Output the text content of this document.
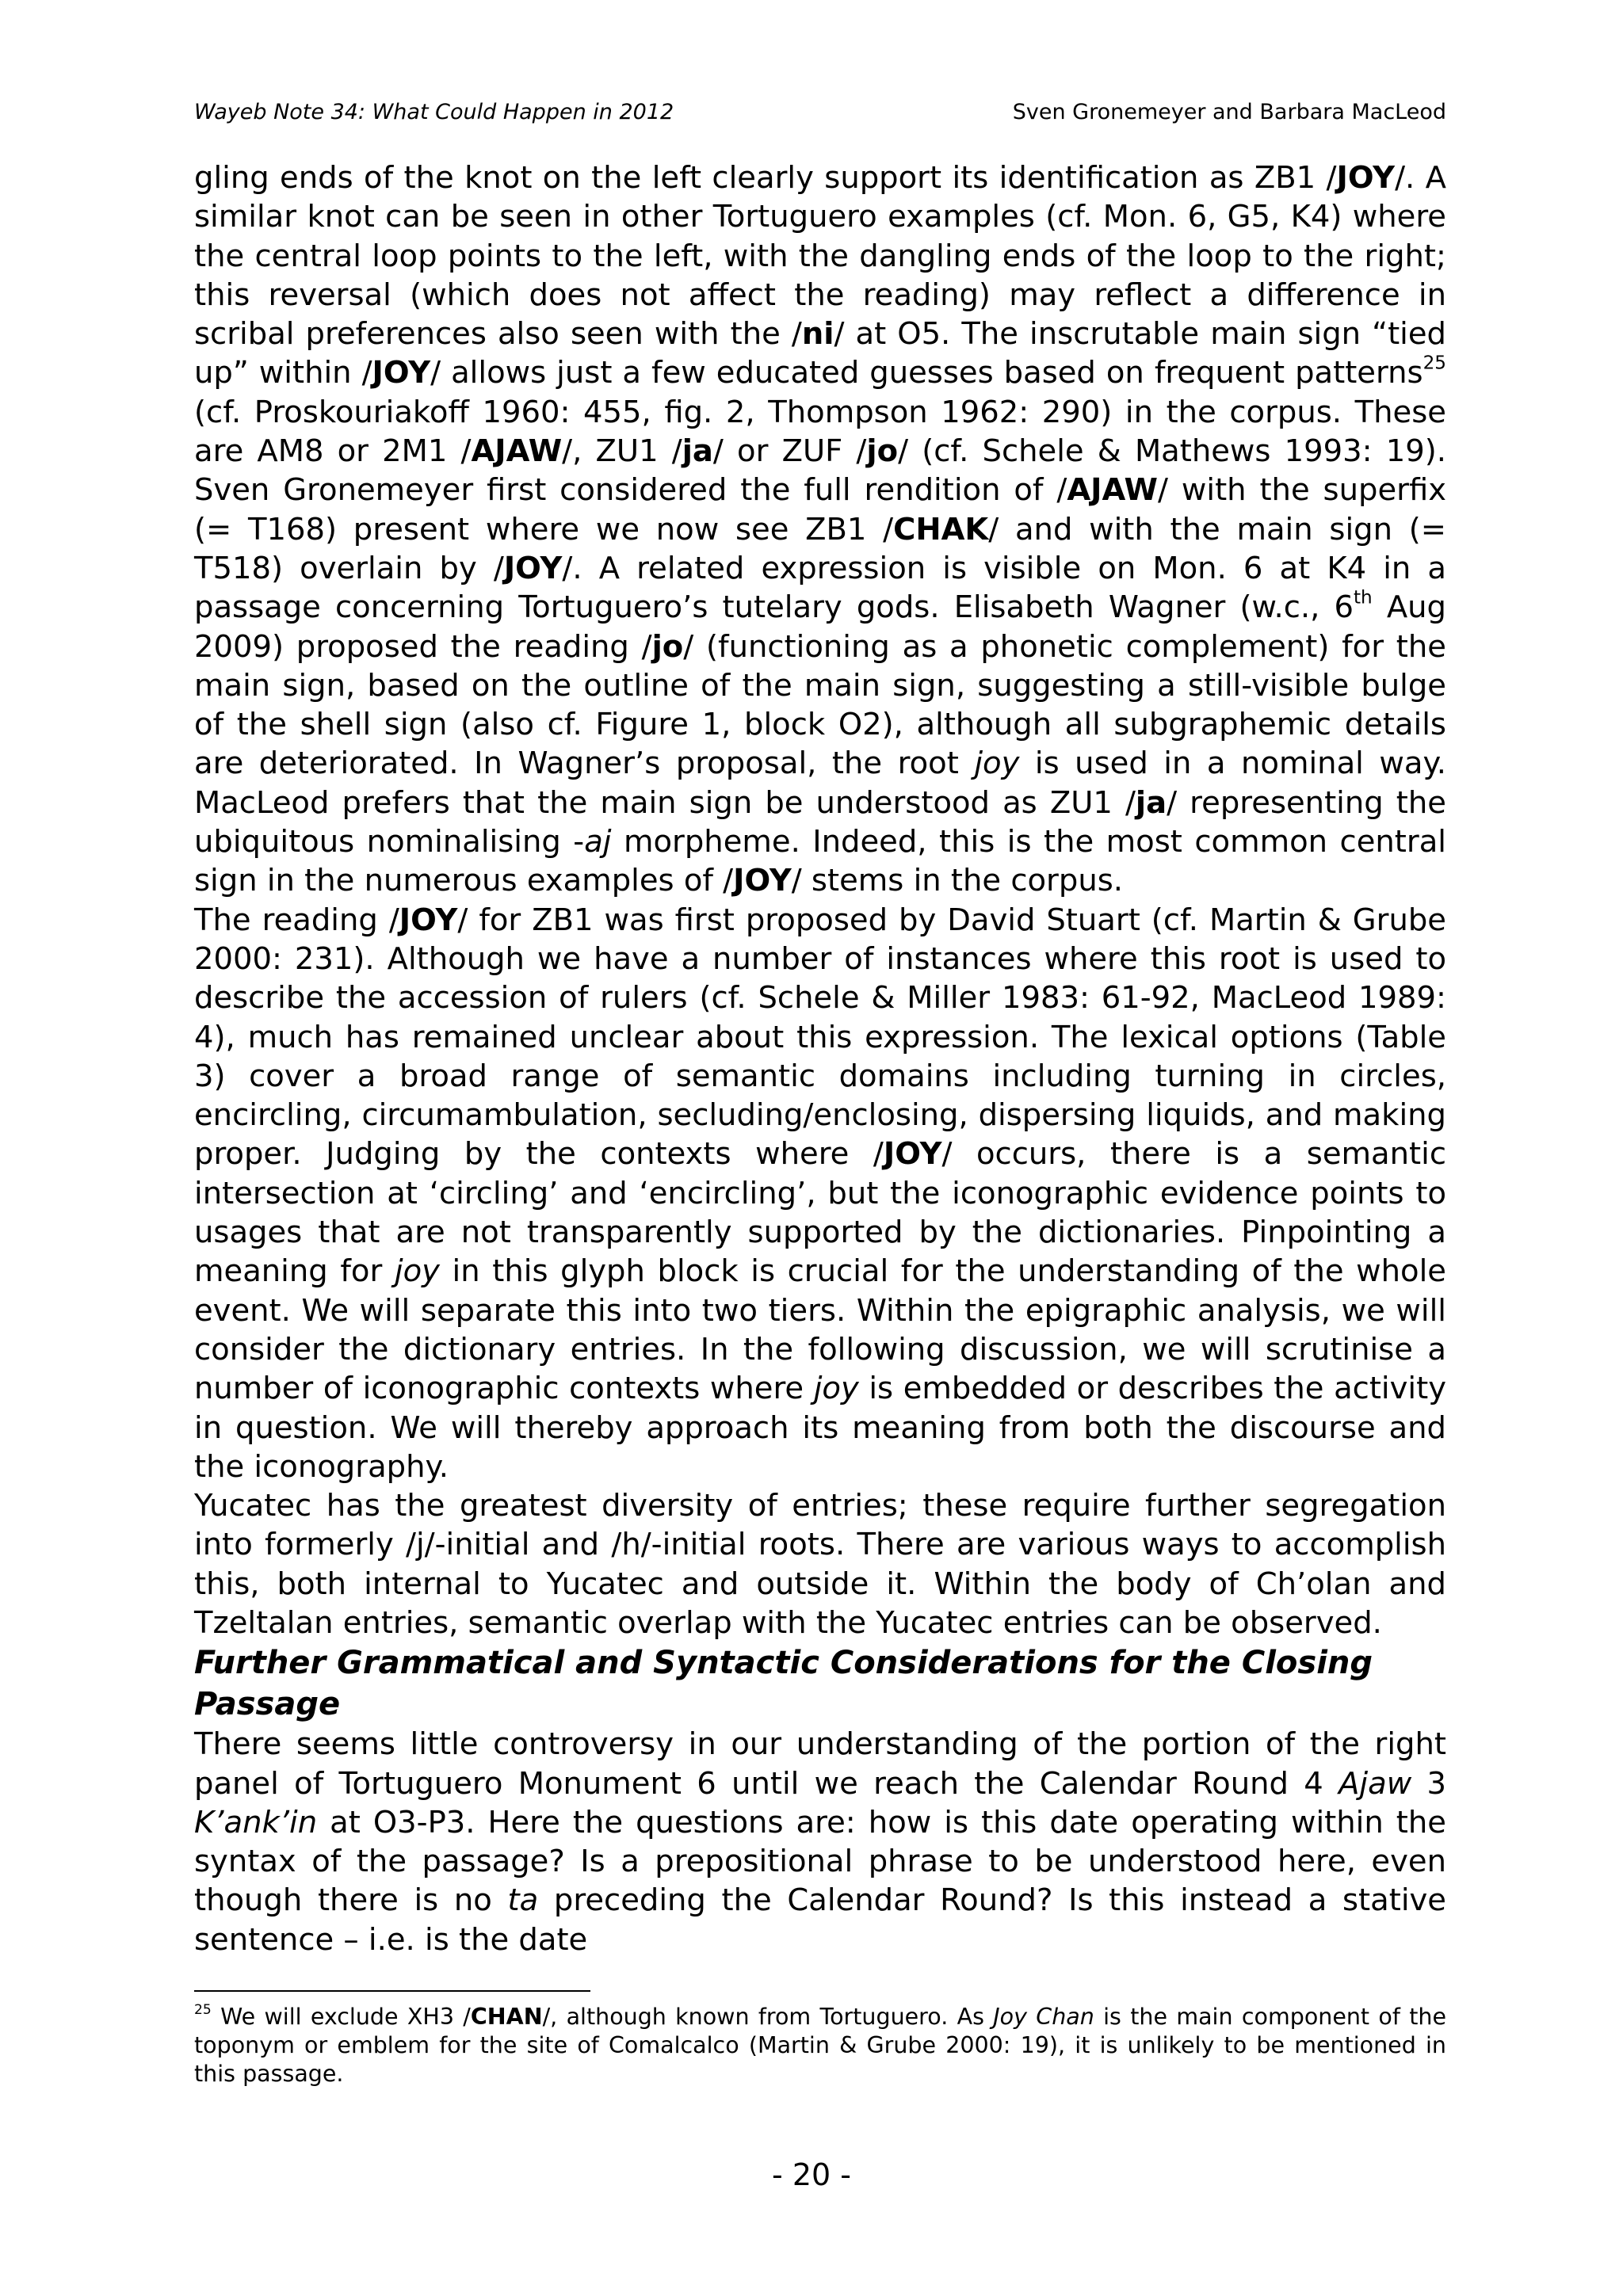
Wayeb Note 34: What Could Happen in 2012	Sven Gronemeyer and Barbara MacLeod

gling ends of the knot on the left clearly support its identification as ZB1 /JOY/. A similar knot can be seen in other Tortuguero examples (cf. Mon. 6, G5, K4) where the central loop points to the left, with the dangling ends of the loop to the right; this reversal (which does not affect the reading) may reflect a difference in scribal preferences also seen with the /ni/ at O5. The inscrutable main sign “tied up” within /JOY/ allows just a few educated guesses based on frequent patterns$^{25}$ (cf. Proskouriakoff 1960: 455, fig. 2, Thompson 1962: 290) in the corpus. These are AM8 or 2M1 /AJAW/, ZU1 /ja/ or ZUF /jo/ (cf. Schele & Mathews 1993: 19). Sven Gronemeyer first considered the full rendition of /AJAW/ with the superfix (= T168) present where we now see ZB1 /CHAK/ and with the main sign (= T518) overlain by /JOY/. A related expression is visible on Mon. 6 at K4 in a passage concerning Tortuguero’s tutelary gods. Elisabeth Wagner (w.c., 6th Aug 2009) proposed the reading /jo/ (functioning as a phonetic complement) for the main sign, based on the outline of the main sign, suggesting a still-visible bulge of the shell sign (also cf. Figure 1, block O2), although all subgraphemic details are deteriorated. In Wagner’s proposal, the root joy is used in a nominal way. MacLeod prefers that the main sign be understood as ZU1 /ja/ representing the ubiquitous nominalising -aj morpheme. Indeed, this is the most common central sign in the numerous examples of /JOY/ stems in the corpus.

The reading /JOY/ for ZB1 was first proposed by David Stuart (cf. Martin & Grube 2000: 231). Although we have a number of instances where this root is used to describe the accession of rulers (cf. Schele & Miller 1983: 61-92, MacLeod 1989: 4), much has remained unclear about this expression. The lexical options (Table 3) cover a broad range of semantic domains including turning in circles, encircling, circumambulation, secluding/enclosing, dispersing liquids, and making proper. Judging by the contexts where /JOY/ occurs, there is a semantic intersection at ‘circling’ and ‘encircling’, but the iconographic evidence points to usages that are not transparently supported by the dictionaries. Pinpointing a meaning for joy in this glyph block is crucial for the understanding of the whole event. We will separate this into two tiers. Within the epigraphic analysis, we will consider the dictionary entries. In the following discussion, we will scrutinise a number of iconographic contexts where joy is embedded or describes the activity in question. We will thereby approach its meaning from both the discourse and the iconography.

Yucatec has the greatest diversity of entries; these require further segregation into formerly /j/-initial and /h/-initial roots. There are various ways to accomplish this, both internal to Yucatec and outside it. Within the body of Ch’olan and Tzeltalan entries, semantic overlap with the Yucatec entries can be observed.

Further Grammatical and Syntactic Considerations for the Closing Passage

There seems little controversy in our understanding of the portion of the right panel of Tortuguero Monument 6 until we reach the Calendar Round 4 Ajaw 3 K’ank’in at O3-P3. Here the questions are: how is this date operating within the syntax of the passage? Is a prepositional phrase to be understood here, even though there is no ta preceding the Calendar Round? Is this instead a stative sentence – i.e. is the date

$^{25}$ We will exclude XH3 /CHAN/, although known from Tortuguero. As Joy Chan is the main component of the toponym or emblem for the site of Comalcalco (Martin & Grube 2000: 19), it is unlikely to be mentioned in this passage.

- 20 -
